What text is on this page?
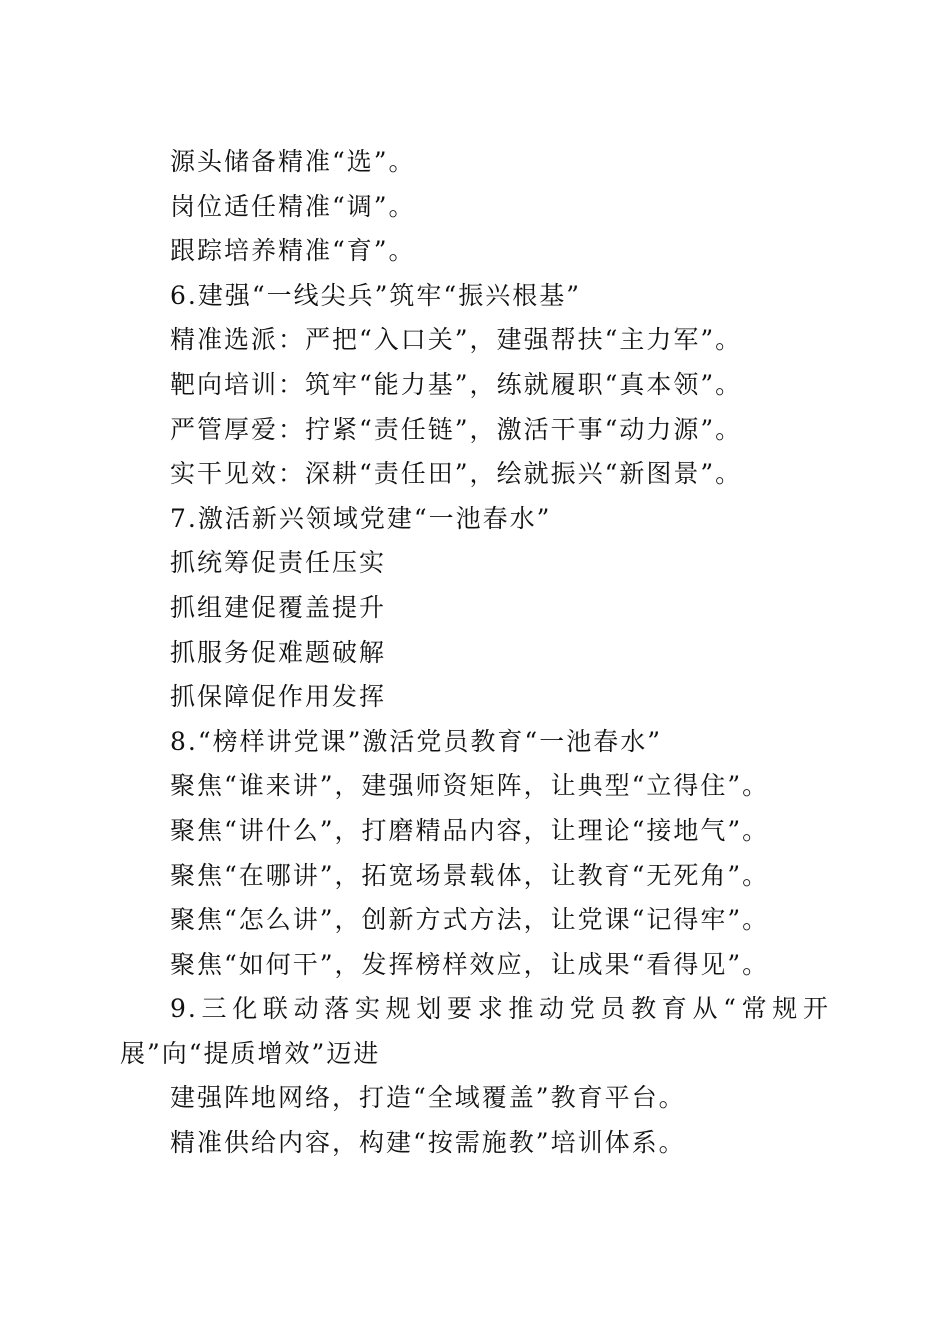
源头储备精准“选”。
岗位适任精准“调”。
跟踪培养精准“育”。
6.建强“一线尖兵”筑牢“振兴根基”
精准选派：严把“入口关”，建强帮扶“主力军”。
靶向培训：筑牢“能力基”，练就履职“真本领”。
严管厚爱：拧紧“责任链”，激活干事“动力源”。
实干见效：深耕“责任田”，绘就振兴“新图景”。
7.激活新兴领域党建“一池春水”
抓统筹促责任压实
抓组建促覆盖提升
抓服务促难题破解
抓保障促作用发挥
8.“榜样讲党课”激活党员教育“一池春水”
聚焦“谁来讲”，建强师资矩阵，让典型“立得住”。
聚焦“讲什么”，打磨精品内容，让理论“接地气”。
聚焦“在哪讲”，拓宽场景载体，让教育“无死角”。
聚焦“怎么讲”，创新方式方法，让党课“记得牢”。
聚焦“如何干”，发挥榜样效应，让成果“看得见”。
9.三化联动落实规划要求推动党员教育从“常规开展”向“提质增效”迈进
建强阵地网络，打造“全域覆盖”教育平台。
精准供给内容，构建“按需施教”培训体系。
